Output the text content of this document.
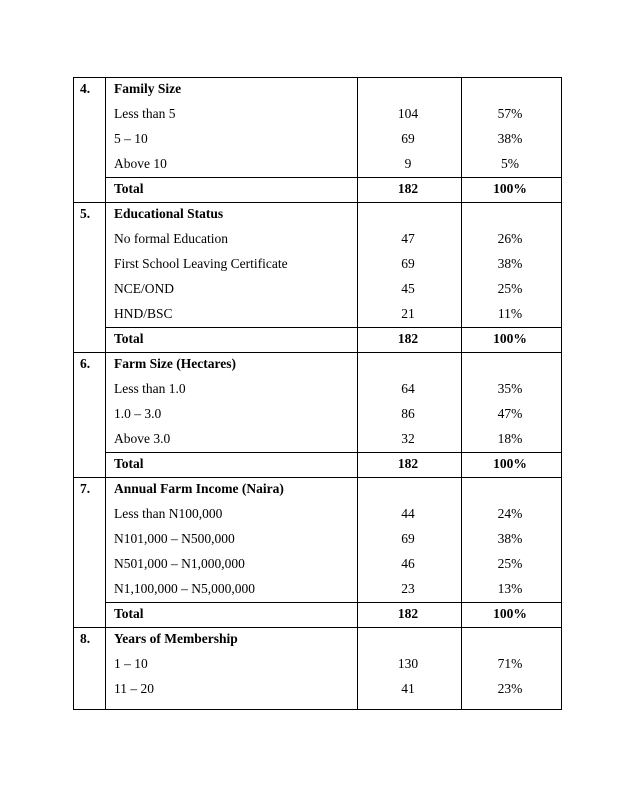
4. Family Size
Less than 5	104	57%
5 – 10	69	38%
Above 10	9	5%
Total	182	100%
5. Educational Status
No formal Education	47	26%
First School Leaving Certificate	69	38%
NCE/OND	45	25%
HND/BSC	21	11%
Total	182	100%
6. Farm Size (Hectares)
Less than 1.0	64	35%
1.0 – 3.0	86	47%
Above 3.0	32	18%
Total	182	100%
7. Annual Farm Income (Naira)
Less than N100,000	44	24%
N101,000 – N500,000	69	38%
N501,000 – N1,000,000	46	25%
N1,100,000 – N5,000,000	23	13%
Total	182	100%
8. Years of Membership
1 – 10	130	71%
11 – 20	41	23%
